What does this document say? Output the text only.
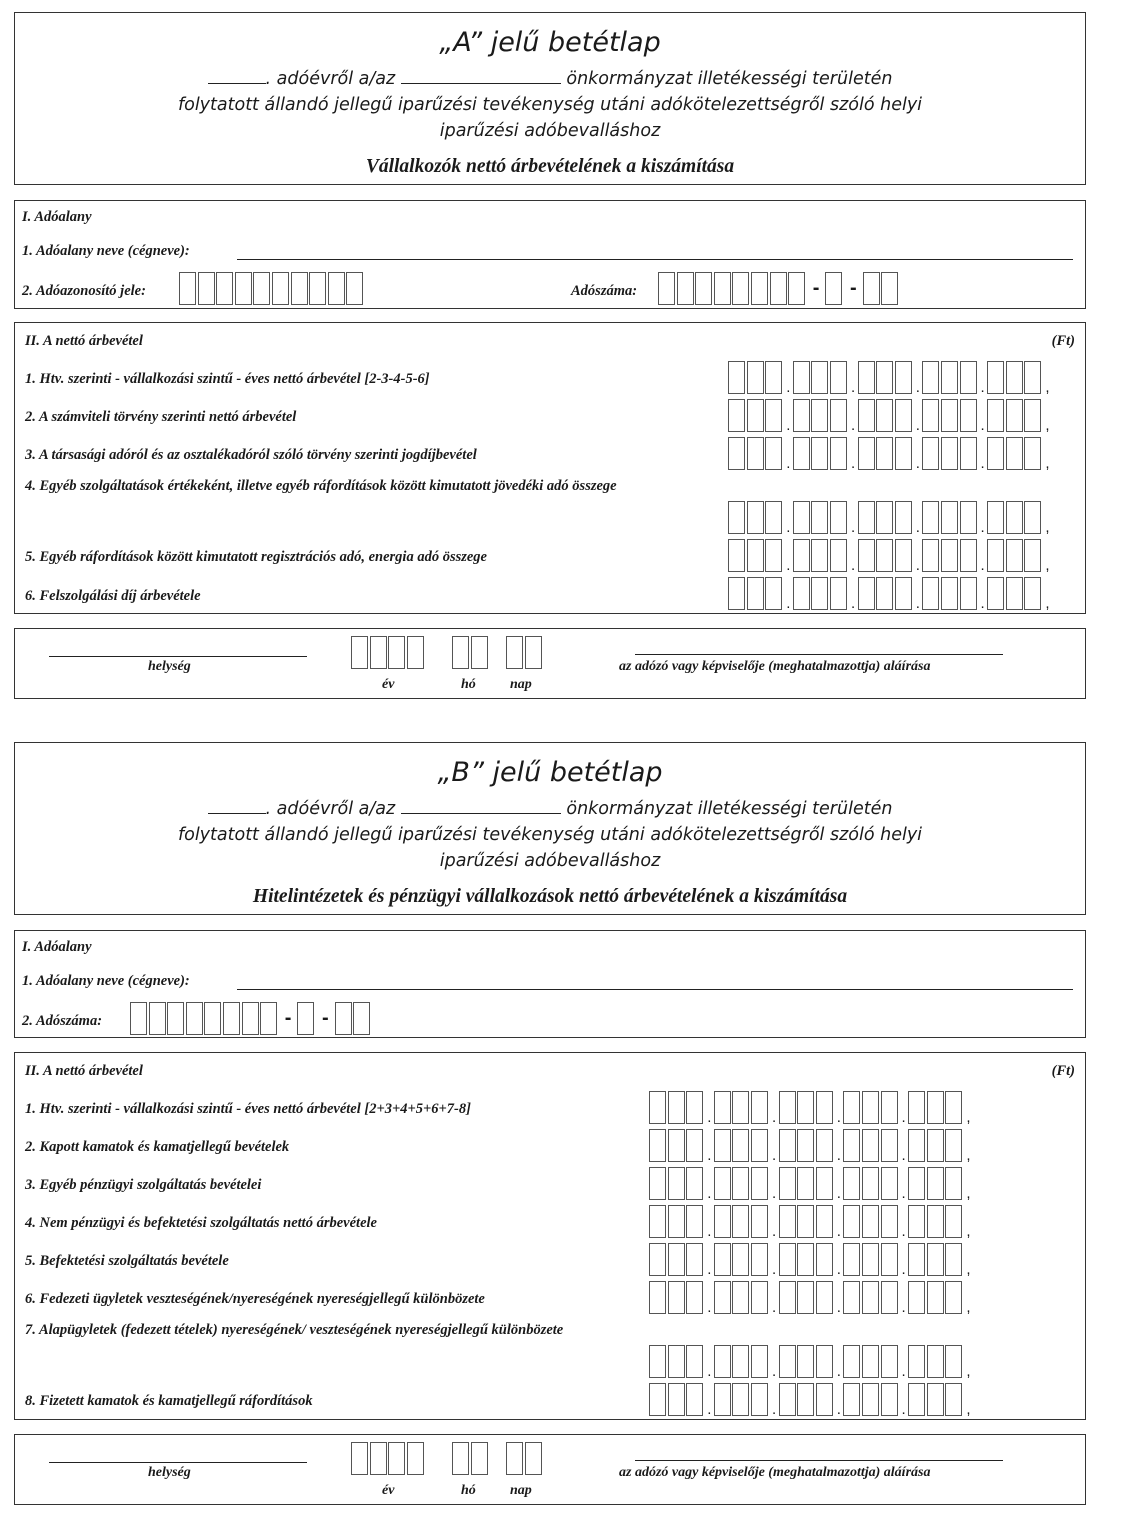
„A” jelű betétlap
. adóévről a/az	önkormányzat illetékességi területén
folytatott állandó jellegű iparűzési tevékenység utáni adókötelezettségről szóló helyi
iparűzési adóbevalláshoz
Vállalkozók nettó árbevételének a kiszámítása
I. Adóalany
1. Adóalany neve (cégneve):
2. Adóazonosító jele:	Adószáma:	- -
II. A nettó árbevétel	(Ft)
1. Htv. szerinti - vállalkozási szintű - éves nettó árbevétel [2-3-4-5-6]	.	.	.	.	,
2. A számviteli törvény szerinti nettó árbevétel	.	.	.	.	,
3. A társasági adóról és az osztalékadóról szóló törvény szerinti jogdíjbevétel	.	.	.	.	,
4. Egyéb szolgáltatások értékeként, illetve egyéb ráfordítások között kimutatott jövedéki adó összege
.	.	.	.	,
5. Egyéb ráfordítások között kimutatott regisztrációs adó, energia adó összege	.	.	.	.	,
6. Felszolgálási díj árbevétele	.	.	.	.	,
helység
év	hó nap
az adózó vagy képviselője (meghatalmazottja) aláírása
„B” jelű betétlap
. adóévről a/az	önkormányzat illetékességi területén
folytatott állandó jellegű iparűzési tevékenység utáni adókötelezettségről szóló helyi
iparűzési adóbevalláshoz
Hitelintézetek és pénzügyi vállalkozások nettó árbevételének a kiszámítása
I. Adóalany
1. Adóalany neve (cégneve):
2. Adószáma:	- -
II. A nettó árbevétel	(Ft)
1. Htv. szerinti - vállalkozási szintű - éves nettó árbevétel [2+3+4+5+6+7-8]	.	.	.	.	,
2. Kapott kamatok és kamatjellegű bevételek	.	.	.	.	,
3. Egyéb pénzügyi szolgáltatás bevételei	.	.	.	.	,
4. Nem pénzügyi és befektetési szolgáltatás nettó árbevétele	.	.	.	.	,
5. Befektetési szolgáltatás bevétele	.	.	.	.	,
6. Fedezeti ügyletek veszteségének/nyereségének nyereségjellegű különbözete	.	.	.	.	,
7. Alapügyletek (fedezett tételek) nyereségének/ veszteségének nyereségjellegű különbözete
.	.	.	.	,
8. Fizetett kamatok és kamatjellegű ráfordítások	.	.	.	.	,
helység
év	hó nap
az adózó vagy képviselője (meghatalmazottja) aláírása
